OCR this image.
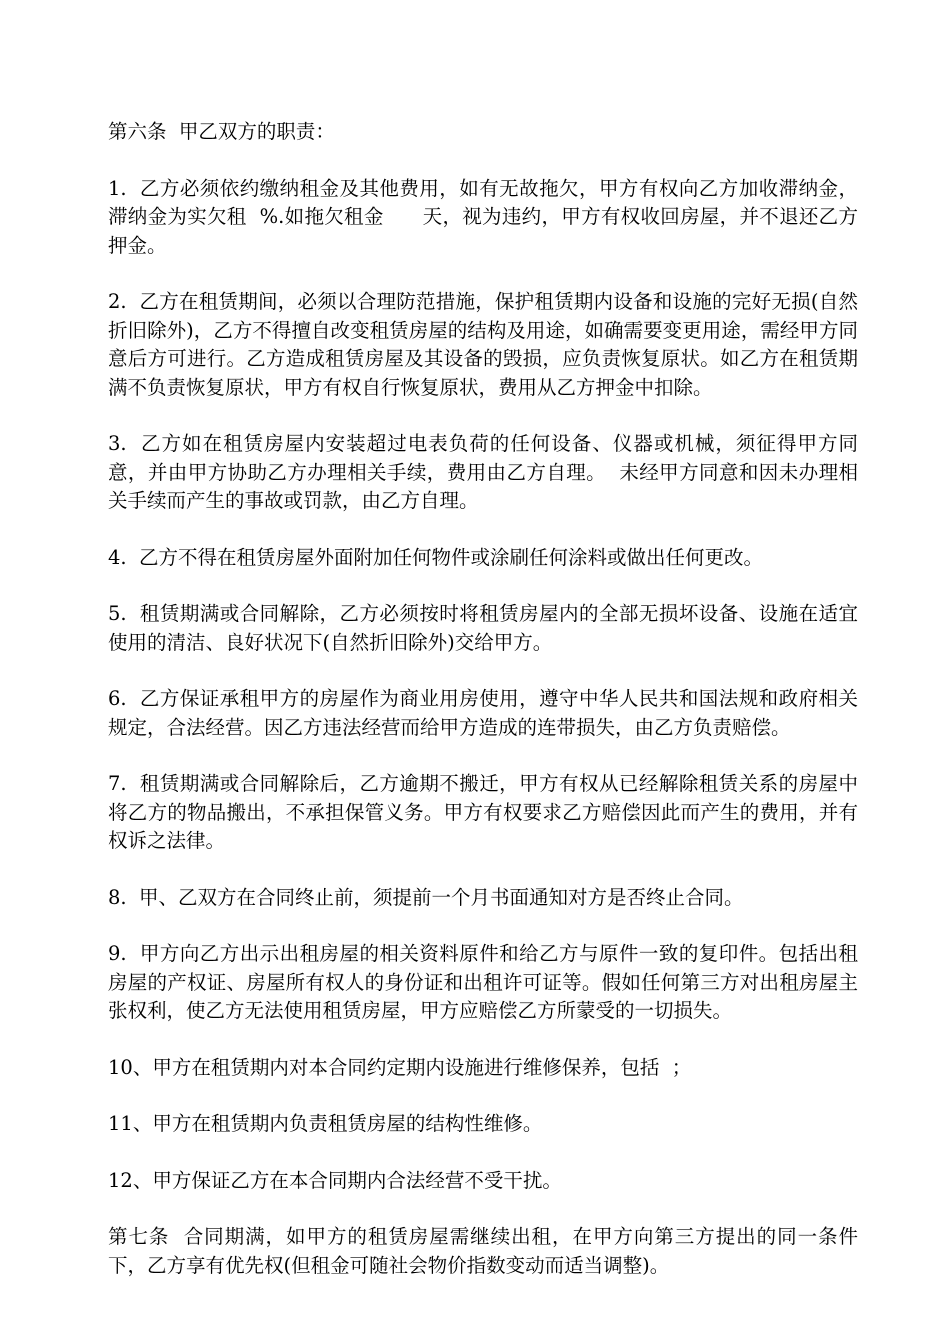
第六条  甲乙双方的职责：

1.  乙方必须依约缴纳租金及其他费用，如有无故拖欠，甲方有权向乙方加收滞纳金，滞纳金为实欠租  %.如拖欠租金      天，视为违约，甲方有权收回房屋，并不退还乙方押金。

2.  乙方在租赁期间，必须以合理防范措施，保护租赁期内设备和设施的完好无损(自然折旧除外)，乙方不得擅自改变租赁房屋的结构及用途，如确需要变更用途，需经甲方同意后方可进行。乙方造成租赁房屋及其设备的毁损，应负责恢复原状。如乙方在租赁期满不负责恢复原状，甲方有权自行恢复原状，费用从乙方押金中扣除。

3.  乙方如在租赁房屋内安装超过电表负荷的任何设备、仪器或机械，须征得甲方同意，并由甲方协助乙方办理相关手续，费用由乙方自理。  未经甲方同意和因未办理相关手续而产生的事故或罚款，由乙方自理。

4.  乙方不得在租赁房屋外面附加任何物件或涂刷任何涂料或做出任何更改。

5.  租赁期满或合同解除，乙方必须按时将租赁房屋内的全部无损坏设备、设施在适宜使用的清洁、良好状况下(自然折旧除外)交给甲方。

6.  乙方保证承租甲方的房屋作为商业用房使用，遵守中华人民共和国法规和政府相关规定，合法经营。因乙方违法经营而给甲方造成的连带损失，由乙方负责赔偿。

7.  租赁期满或合同解除后，乙方逾期不搬迁，甲方有权从已经解除租赁关系的房屋中将乙方的物品搬出，不承担保管义务。甲方有权要求乙方赔偿因此而产生的费用，并有权诉之法律。

8.  甲、乙双方在合同终止前，须提前一个月书面通知对方是否终止合同。

9.  甲方向乙方出示出租房屋的相关资料原件和给乙方与原件一致的复印件。包括出租房屋的产权证、房屋所有权人的身份证和出租许可证等。假如任何第三方对出租房屋主张权利，使乙方无法使用租赁房屋，甲方应赔偿乙方所蒙受的一切损失。

10、甲方在租赁期内对本合同约定期内设施进行维修保养，包括  ；

11、甲方在租赁期内负责租赁房屋的结构性维修。

12、甲方保证乙方在本合同期内合法经营不受干扰。

第七条  合同期满，如甲方的租赁房屋需继续出租，在甲方向第三方提出的同一条件下，乙方享有优先权(但租金可随社会物价指数变动而适当调整)。
